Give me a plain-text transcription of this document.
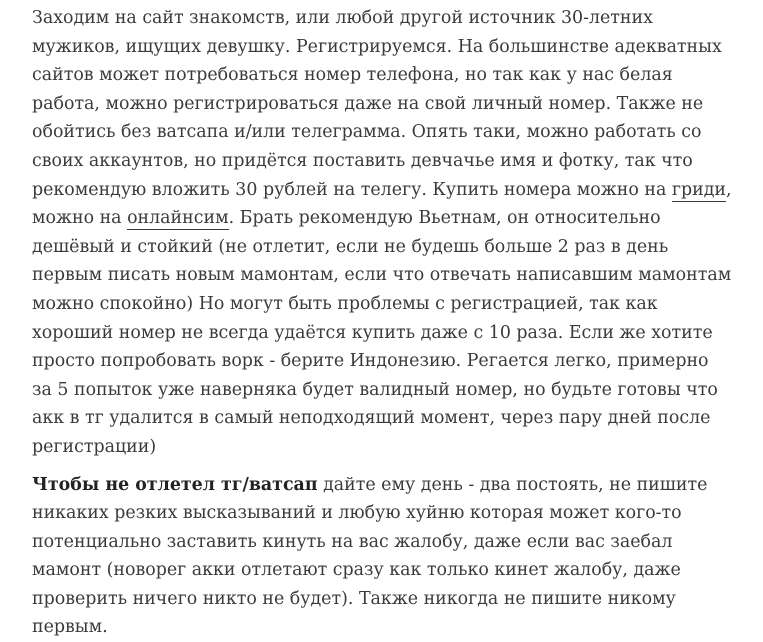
Заходим на сайт знакомств, или любой другой источник 30-летних мужиков, ищущих девушку. Регистрируемся. На большинстве адекватных сайтов может потребоваться номер телефона, но так как у нас белая работа, можно регистрироваться даже на свой личный номер. Также не обойтись без ватсапа и/или телеграмма. Опять таки, можно работать со своих аккаунтов, но придётся поставить девчачье имя и фотку, так что рекомендую вложить 30 рублей на телегу. Купить номера можно на гриди, можно на онлайнсим. Брать рекомендую Вьетнам, он относительно дешёвый и стойкий (не отлетит, если не будешь больше 2 раз в день первым писать новым мамонтам, если что отвечать написавшим мамонтам можно спокойно) Но могут быть проблемы с регистрацией, так как хороший номер не всегда удаётся купить даже с 10 раза. Если же хотите просто попробовать ворк - берите Индонезию. Регается легко, примерно за 5 попыток уже наверняка будет валидный номер, но будьте готовы что акк в тг удалится в самый неподходящий момент, через пару дней после регистрации)

Чтобы не отлетел тг/ватсап дайте ему день - два постоять, не пишите никаких резких высказываний и любую хуйню которая может кого-то потенциально заставить кинуть на вас жалобу, даже если вас заебал мамонт (новорег акки отлетают сразу как только кинет жалобу, даже проверить ничего никто не будет). Также никогда не пишите никому первым.
